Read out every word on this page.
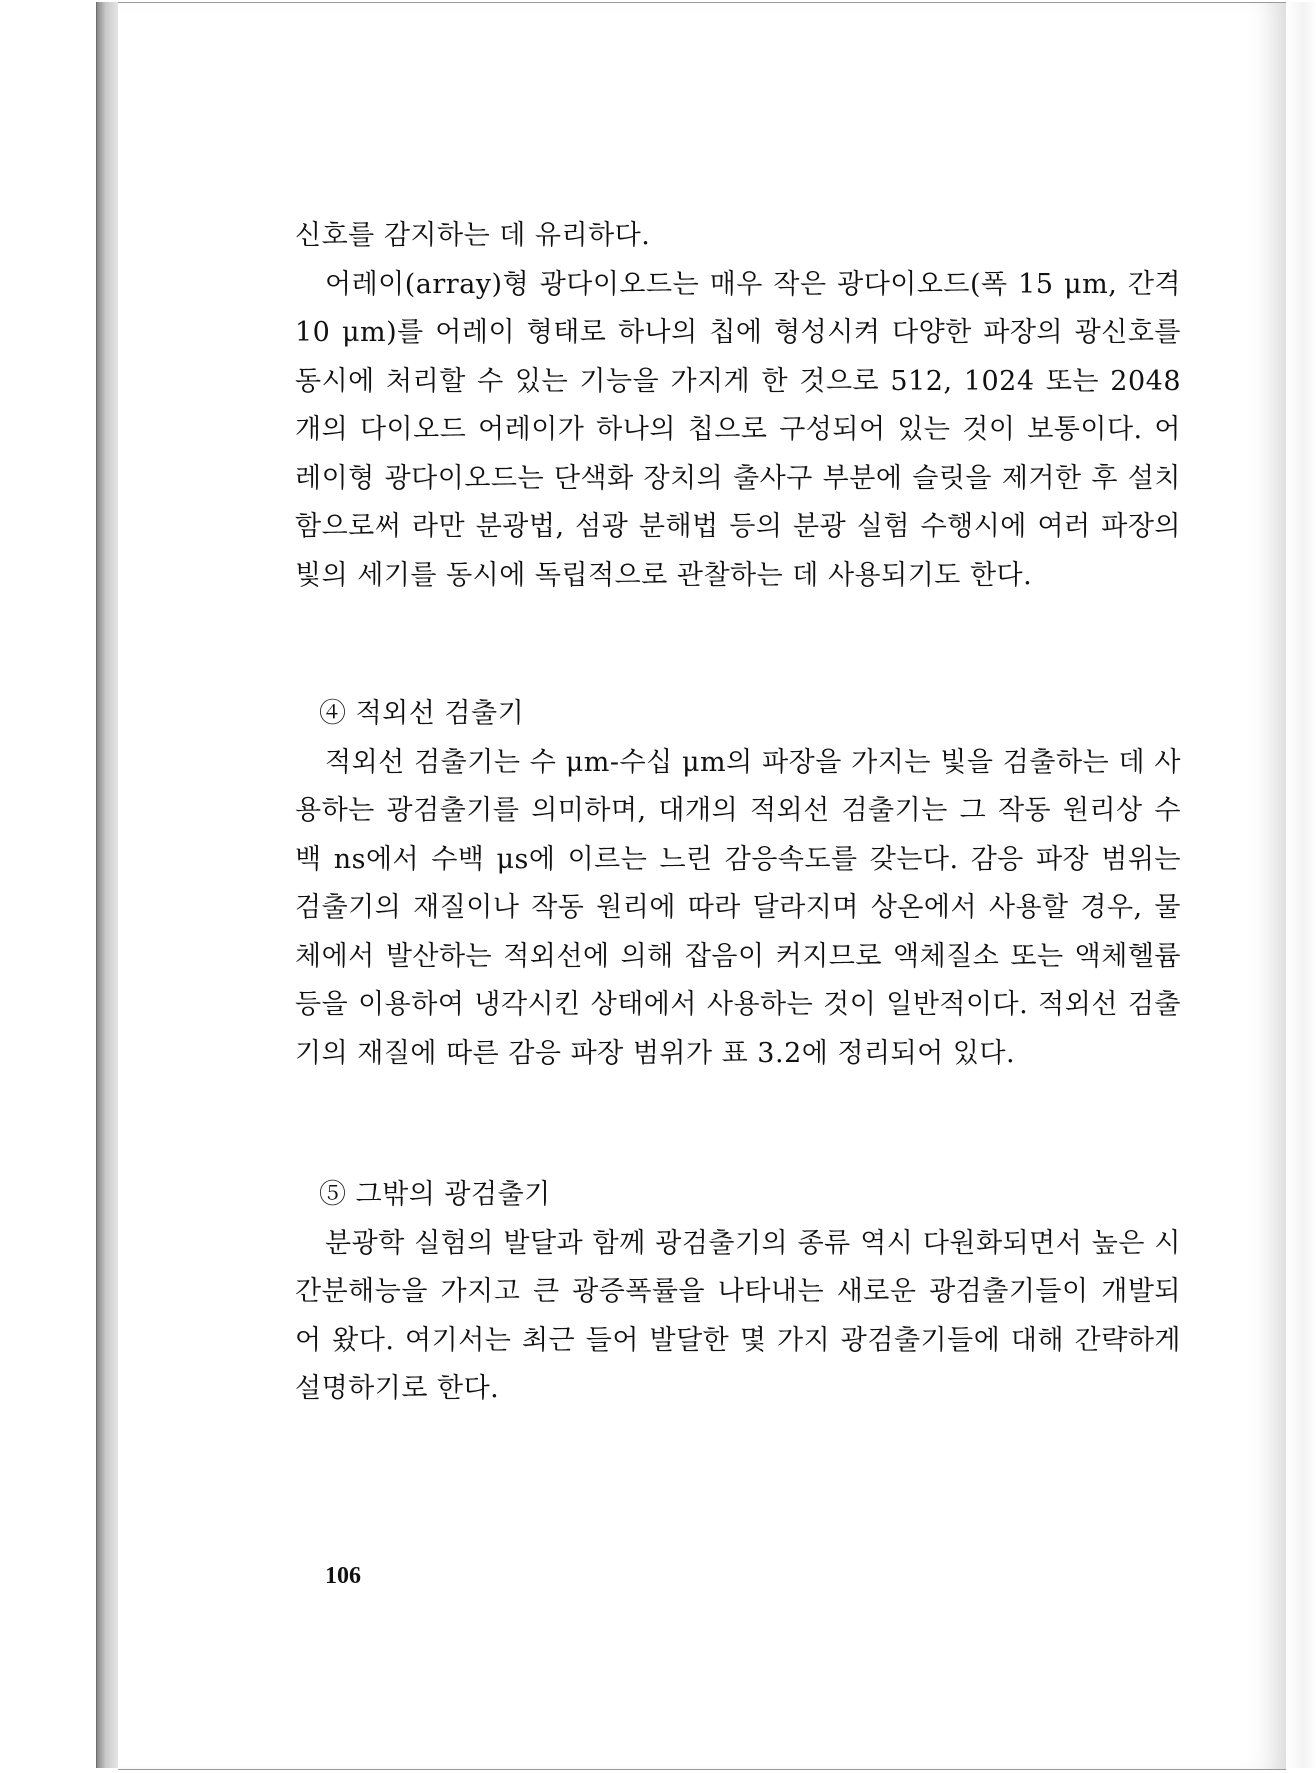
신호를 감지하는 데 유리하다.

어레이(array)형 광다이오드는 매우 작은 광다이오드(폭 15 μm, 간격 10 μm)를 어레이 형태로 하나의 칩에 형성시켜 다양한 파장의 광신호를 동시에 처리할 수 있는 기능을 가지게 한 것으로 512, 1024 또는 2048개의 다이오드 어레이가 하나의 칩으로 구성되어 있는 것이 보통이다. 어레이형 광다이오드는 단색화 장치의 출사구 부분에 슬릿을 제거한 후 설치함으로써 라만 분광법, 섬광 분해법 등의 분광 실험 수행시에 여러 파장의 빛의 세기를 동시에 독립적으로 관찰하는 데 사용되기도 한다.

④ 적외선 검출기

적외선 검출기는 수 μm-수십 μm의 파장을 가지는 빛을 검출하는 데 사용하는 광검출기를 의미하며, 대개의 적외선 검출기는 그 작동 원리상 수백 ns에서 수백 μs에 이르는 느린 감응속도를 갖는다. 감응 파장 범위는 검출기의 재질이나 작동 원리에 따라 달라지며 상온에서 사용할 경우, 물체에서 발산하는 적외선에 의해 잡음이 커지므로 액체질소 또는 액체헬륨 등을 이용하여 냉각시킨 상태에서 사용하는 것이 일반적이다. 적외선 검출기의 재질에 따른 감응 파장 범위가 표 3.2에 정리되어 있다.

⑤ 그밖의 광검출기

분광학 실험의 발달과 함께 광검출기의 종류 역시 다원화되면서 높은 시간분해능을 가지고 큰 광증폭률을 나타내는 새로운 광검출기들이 개발되어 왔다. 여기서는 최근 들어 발달한 몇 가지 광검출기들에 대해 간략하게 설명하기로 한다.

106
